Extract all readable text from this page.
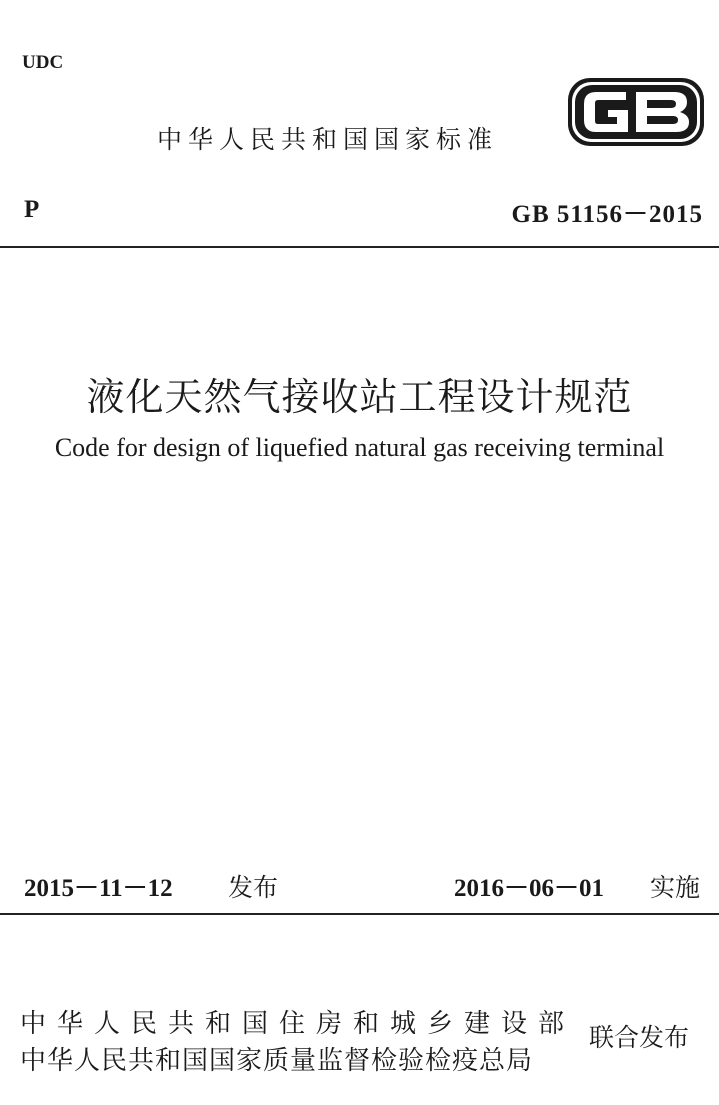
UDC
中华人民共和国国家标准
GB
P	GB 51156－2015
液化天然气接收站工程设计规范
Code for design of liquefied natural gas receiving terminal
2015－11－12 发布	2016－06－01 实施
中华人民共和国住房和城乡建设部
中华人民共和国国家质量监督检验检疫总局
联合发布
